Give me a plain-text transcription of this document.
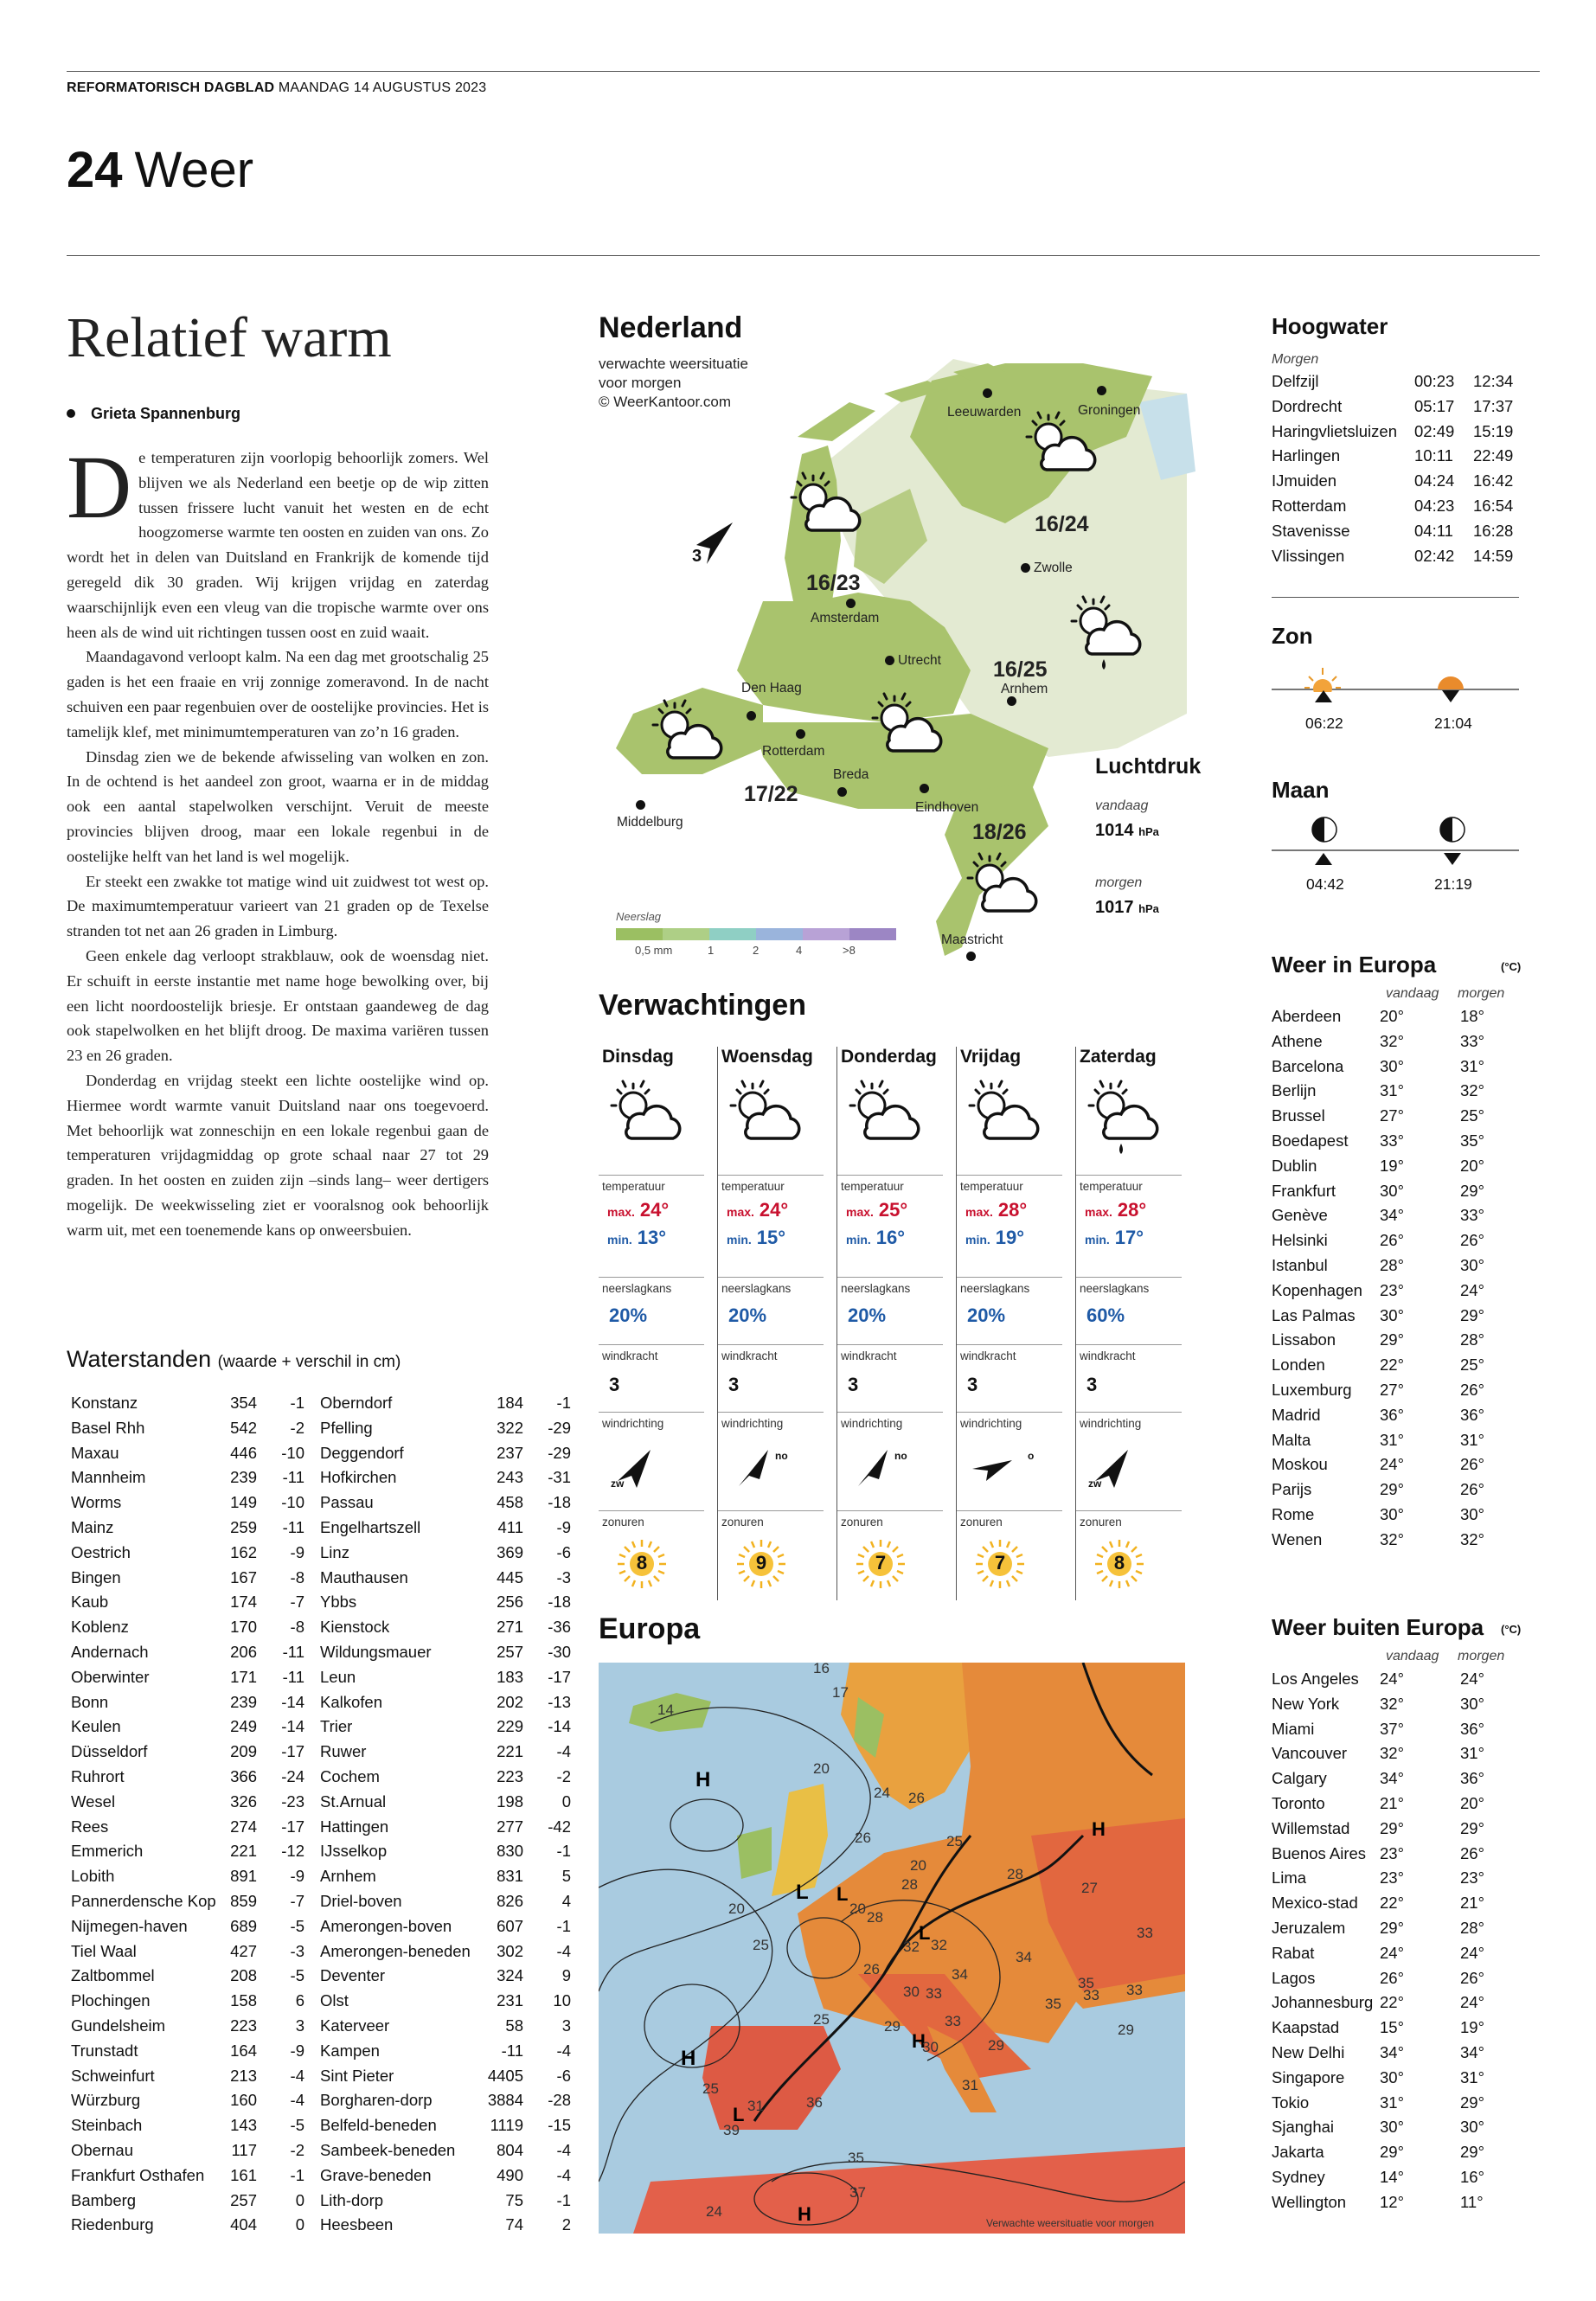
REFORMATORISCH DAGBLAD MAANDAG 14 AUGUSTUS 2023
24 Weer
Relatief warm
Grieta Spannenburg

De temperaturen zijn voorlopig behoorlijk zomers. Wel blijven we als Nederland een beetje op de wip zitten tussen frissere lucht vanuit het westen en de echt hoogzomerse warmte ten oosten en zuiden van ons. Zo wordt het in delen van Duitsland en Frankrijk de komende tijd geregeld dik 30 graden. Wij krijgen vrijdag en zaterdag waarschijnlijk even een vleug van die tropische warmte over ons heen als de wind uit richtingen tussen oost en zuid waait.

Maandagavond verloopt kalm. Na een dag met grootschalig 25 gaden is het een fraaie en vrij zonnige zomeravond. In de nacht schuiven een paar regenbuien over de oostelijke provincies. Het is tamelijk klef, met minimumtemperaturen van zo’n 16 graden.

Dinsdag zien we de bekende afwisseling van wolken en zon. In de ochtend is het aandeel zon groot, waarna er in de middag ook een aantal stapelwolken verschijnt. Veruit de meeste provincies blijven droog, maar een lokale regenbui in de oostelijke helft van het land is wel mogelijk.

Er steekt een zwakke tot matige wind uit zuidwest tot west op. De maximumtemperatuur varieert van 21 graden op de Texelse stranden tot net aan 26 graden in Limburg.

Geen enkele dag verloopt strakblauw, ook de woensdag niet. Er schuift in eerste instantie met name hoge bewolking over, bij een licht noordoostelijk briesje. Er ontstaan gaandeweg de dag ook stapelwolken en het blijft droog. De maxima variëren tussen 23 en 26 graden.

Donderdag en vrijdag steekt een lichte oostelijke wind op. Hiermee wordt warmte vanuit Duitsland naar ons toegevoerd. Met behoorlijk wat zonneschijn en een lokale regenbui gaan de temperaturen vrijdagmiddag op grote schaal naar 27 tot 29 graden. In het oosten en zuiden zijn –sinds lang– weer dertigers mogelijk. De weekwisseling ziet er vooralsnog ook behoorlijk warm uit, met een toenemende kans op onweersbuien.

Waterstanden (waarde + verschil in cm)
Konstanz	354 -1
Basel Rhh	542 -2
Maxau	446 -10
Mannheim	239 -11
Worms	149 -10
Mainz	259 -11
Oestrich	162 -9
Bingen	167 -8
Kaub	174 -7
Koblenz	170 -8
Andernach	206 -11
Oberwinter	171 -11
Bonn	239 -14
Keulen	249 -14
Düsseldorf	209 -17
Ruhrort	366 -24
Wesel	326 -23
Rees	274 -17
Emmerich	221 -12
Lobith	891 -9
Pannerdensche Kop 859 -7
Nijmegen-haven	689 -5
Tiel Waal	427 -3
Zaltbommel	208 -5
Plochingen	158 6
Gundelsheim	223 3
Trunstadt	164 -9
Schweinfurt	213 -4
Würzburg	160 -4
Steinbach	143 -5
Obernau	117 -2
Frankfurt Osthafen 161 -1
Bamberg	257 0
Riedenburg	404 0
Oberndorf	184 -1
Pfelling	322 -29
Deggendorf	237 -29
Hofkirchen	243 -31
Passau	458 -18
Engelhartszell	411 -9
Linz	369 -6
Mauthausen	445 -3
Ybbs	256 -18
Kienstock	271 -36
Wildungsmauer	257 -30
Leun	183 -17
Kalkofen	202 -13
Trier	229 -14
Ruwer	221 -4
Cochem	223 -2
St.Arnual	198 0
Hattingen	277 -42
IJsselkop	830 -1
Arnhem	831 5
Driel-boven	826 4
Amerongen-boven	607 -1
Amerongen-beneden 302 -4
Deventer	324 9
Olst	231 10
Katerveer	58 3
Kampen	-11 -4
Sint Pieter	4405 -6
Borgharen-dorp	3884 -28
Belfeld-beneden	1119 -15
Sambeek-beneden	804 -4
Grave-beneden	490 -4
Lith-dorp	75 -1
Heesbeen	74 2
Nederland
verwachte weersituatie
voor morgen
© WeerKantoor.com
Leeuwarden	Groningen
Zwolle
Amsterdam
Utrecht
Arnhem
Den Haag
Rotterdam
Breda
Eindhoven
Middelburg
Maastricht
16/24
16/23
16/25
17/22
18/26
3
Luchtdruk
vandaag
1014 hPa
morgen
1017 hPa
Neerslag
0,5 mm	1	2	4	>8
Verwachtingen
Dinsdag
temperatuur
max. 24°
min. 13°
neerslagkans
20%
windkracht
3
windrichting
zw
zonuren
8
Woensdag
temperatuur
max. 24°
min. 15°
neerslagkans
20%
windkracht
3
windrichting
no
zonuren
9
Donderdag
temperatuur
max. 25°
min. 16°
neerslagkans
20%
windkracht
3
windrichting
no
zonuren
7
Vrijdag
temperatuur
max. 28°
min. 19°
neerslagkans
20%
windkracht
3
windrichting
o
zonuren
7
Zaterdag
temperatuur
max. 28°
min. 17°
neerslagkans
60%
windkracht
3
windrichting
zw
zonuren
8
Europa
H
H
L L
L
H
H
L
H
14
16
17
20
20
25
26
24 26
20
20
25
28
26
28
25
33
32 32
33
34
29
30
28
30
31
34
35
33
29
25
31	36
33
35
29
39
35
37
24
27
33
Verwachte weersituatie voor morgen
Hoogwater
Morgen
Delfzijl	00:23 12:34
Dordrecht	05:17 17:37
Haringvlietsluizen 02:49 15:19
Harlingen	10:11 22:49
IJmuiden	04:24 16:42
Rotterdam	04:23 16:54
Stavenisse	04:11 16:28
Vlissingen	02:42 14:59
Zon
06:22	21:04
Maan
04:42	21:19
Weer in Europa	(°C)
vandaag morgen
Aberdeen 20°	18°
Athene	32°	33°
Barcelona 30°	31°
Berlijn	31°	32°
Brussel	27°	25°
Boedapest 33°	35°
Dublin	19°	20°
Frankfurt	30°	29°
Genève	34°	33°
Helsinki	26°	26°
Istanbul	28°	30°
Kopenhagen 23°	24°
Las Palmas 30°	29°
Lissabon	29°	28°
Londen	22°	25°
Luxemburg 27°	26°
Madrid	36°	36°
Malta	31°	31°
Moskou	24°	26°
Parijs	29°	26°
Rome	30°	30°
Wenen	32°	32°
Weer buiten Europa (°C)
vandaag morgen
Los Angeles 24°	24°
New York	32°	30°
Miami	37°	36°
Vancouver 32°	31°
Calgary	34°	36°
Toronto	21°	20°
Willemstad 29°	29°
Buenos Aires 23°	26°
Lima	23°	23°
Mexico-stad 22°	21°
Jeruzalem 29°	28°
Rabat	24°	24°
Lagos	26°	26°
Johannesburg 22°	24°
Kaapstad	15°	19°
New Delhi 34°	34°
Singapore 30°	31°
Tokio	31°	29°
Sjanghai	30°	30°
Jakarta	29°	29°
Sydney	14°	16°
Wellington 12°	11°
